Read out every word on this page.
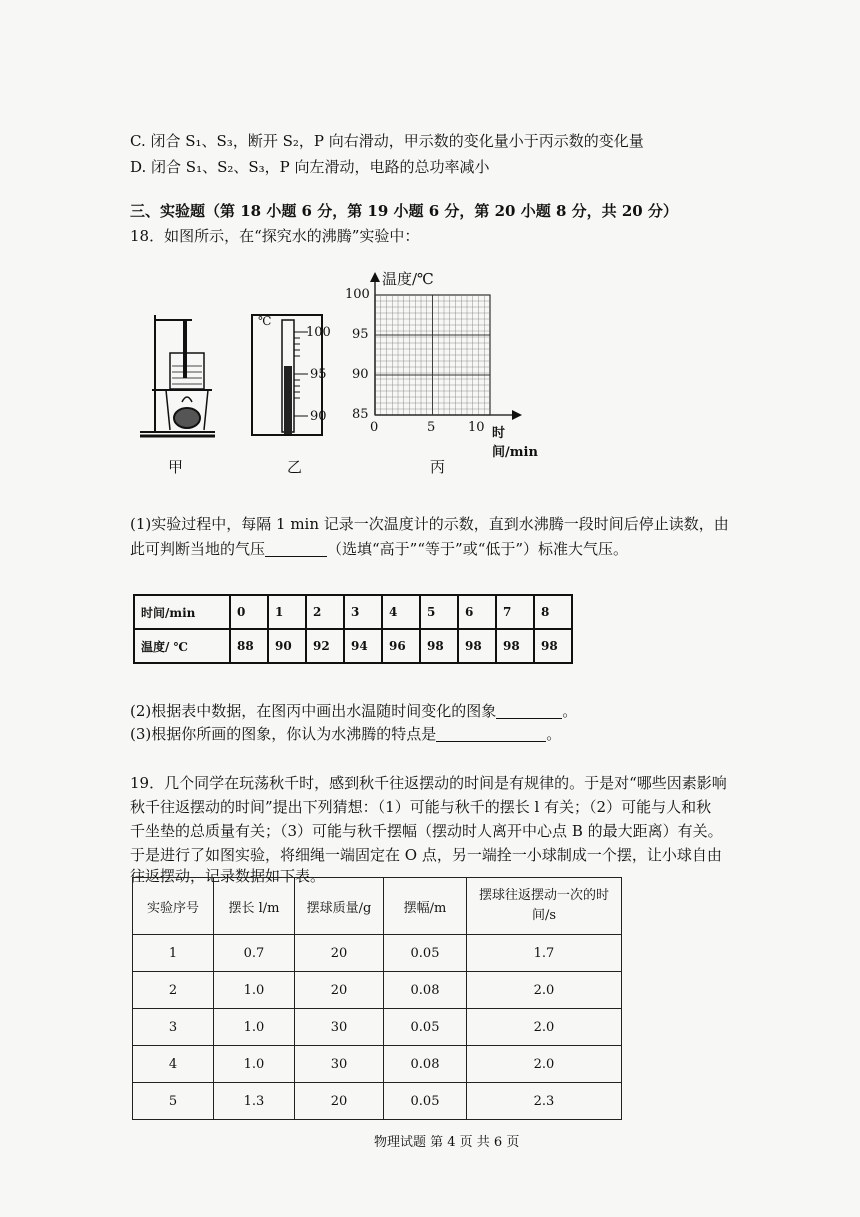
C. 闭合 S₁、S₃，断开 S₂，P 向右滑动，甲示数的变化量小于丙示数的变化量
D. 闭合 S₁、S₂、S₃，P 向左滑动，电路的总功率减小
三、实验题（第 18 小题 6 分，第 19 小题 6 分，第 20 小题 8 分，共 20 分）
18．如图所示，在“探究水的沸腾”实验中：
℃
100
95
90
温度/℃
100
95
90
85
0	5	10 时间/min
甲	乙	丙
(1)实验过程中，每隔 1 min 记录一次温度计的示数，直到水沸腾一段时间后停止读数，由
此可判断当地的气压	（选填“高于”“等于”或“低于”）标准大气压。
时间/min	0	1	2	3	4	5	6	7	8
温度/ ℃	88	90	92	94	96	98	98	98	98
(2)根据表中数据，在图丙中画出水温随时间变化的图象	。
(3)根据你所画的图象，你认为水沸腾的特点是	。
19．几个同学在玩荡秋千时，感到秋千往返摆动的时间是有规律的。于是对“哪些因素影响
秋千往返摆动的时间”提出下列猜想：（1）可能与秋千的摆长 l 有关；（2）可能与人和秋
千坐垫的总质量有关；（3）可能与秋千摆幅（摆动时人离开中心点 B 的最大距离）有关。
于是进行了如图实验，将细绳一端固定在 O 点，另一端拴一小球制成一个摆，让小球自由
往返摆动，记录数据如下表。
实验序号	摆长 l/m	摆球质量/g	摆幅/m	摆球往返摆动一次的时间/s
1	0.7	20	0.05	1.7
2	1.0	20	0.08	2.0
3	1.0	30	0.05	2.0
4	1.0	30	0.08	2.0
5	1.3	20	0.05	2.3
物理试题 第 4 页 共 6 页
